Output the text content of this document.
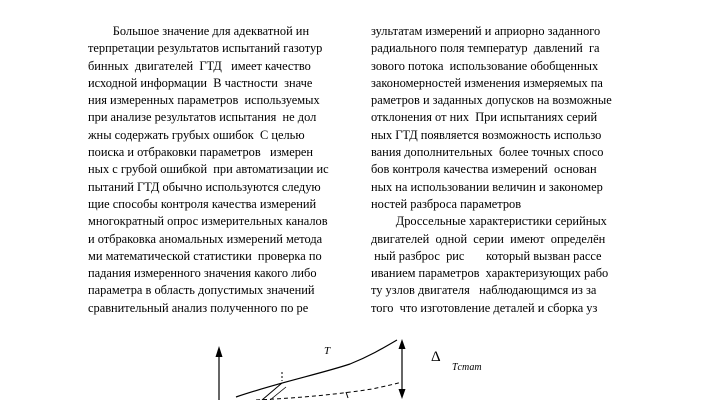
Большое значение для адекватной ин
терпретации результатов испытаний газотур
бинных  двигателей  ГТД   имеет качество
исходной информации  В частности  значе
ния измеренных параметров  используемых
при анализе результатов испытания  не дол
жны содержать грубых ошибок  С целью
поиска и отбраковки параметров   измерен
ных с грубой ошибкой  при автоматизации ис
пытаний ГТД обычно используются следую
щие способы контроля качества измерений
многократный опрос измерительных каналов
и отбраковка аномальных измерений метода
ми математической статистики  проверка по
падания измеренного значения какого либо
параметра в область допустимых значений
сравнительный анализ полученного по ре
зультатам измерений и априорно заданного
радиального поля температур  давлений  га
зового потока  использование обобщенных
закономерностей изменения измеряемых па
раметров и заданных допусков на возможные
отклонения от них  При испытаниях серий
ных ГТД появляется возможность использо
вания дополнительных  более точных спосо
бов контроля качества измерений  основан
ных на использовании величин и закономер
ностей разброса параметров
Дроссельные характеристики серийных
двигателей  одной  серии  имеют  определён
ный разброс  рис       который вызван рассе
иванием параметров  характеризующих рабо
ту узлов двигателя   наблюдающимся из за
того  что изготовление деталей и сборка уз
T	Δ
Tстат
